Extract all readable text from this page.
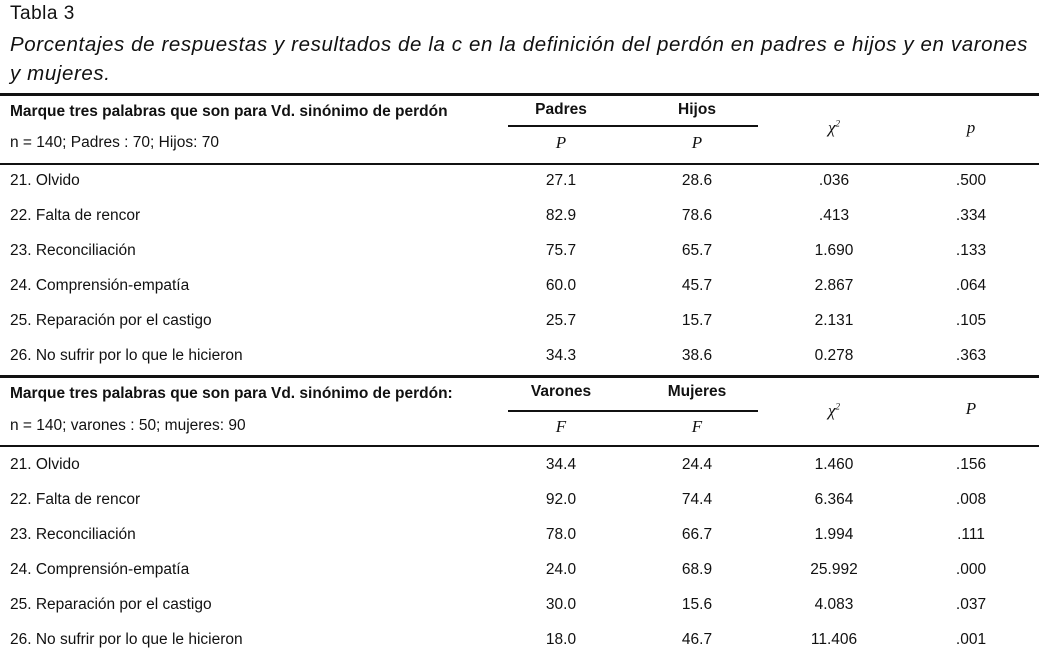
Tabla 3
Porcentajes de respuestas y resultados de la c en la definición del perdón en padres e hijos y en varones y mujeres.
Marque tres palabras que son para Vd. sinónimo de perdón
n = 140; Padres : 70; Hijos: 70
Padres	Hijos
P	P
$\chi^2$	p
21. Olvido	27.1	28.6	.036	.500
22. Falta de rencor	82.9	78.6	.413	.334
23. Reconciliación	75.7	65.7	1.690	.133
24. Comprensión-empatía	60.0	45.7	2.867	.064
25. Reparación por el castigo	25.7	15.7	2.131	.105
26. No sufrir por lo que le hicieron	34.3	38.6	0.278	.363
Marque tres palabras que son para Vd. sinónimo de perdón:
n = 140; varones : 50; mujeres: 90
Varones	Mujeres
F	F
$\chi^2$	P
21. Olvido	34.4	24.4	1.460	.156
22. Falta de rencor	92.0	74.4	6.364	.008
23. Reconciliación	78.0	66.7	1.994	.111
24. Comprensión-empatía	24.0	68.9	25.992	.000
25. Reparación por el castigo	30.0	15.6	4.083	.037
26. No sufrir por lo que le hicieron	18.0	46.7	11.406	.001
